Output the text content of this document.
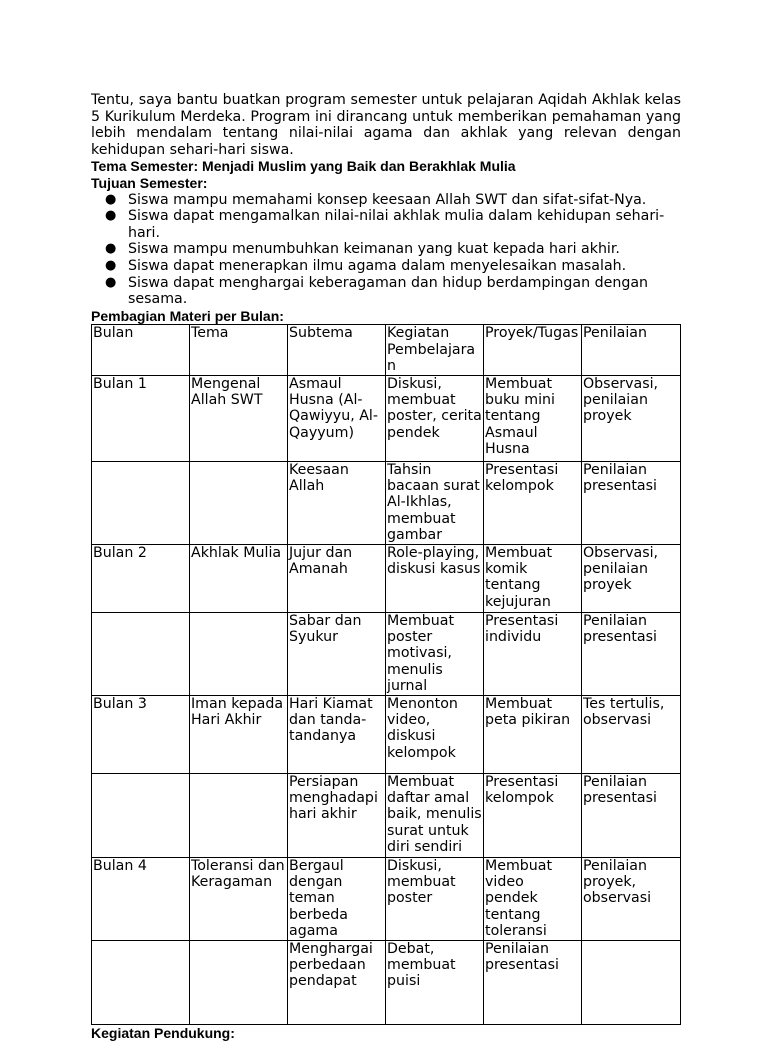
Tentu, saya bantu buatkan program semester untuk pelajaran Aqidah Akhlak kelas 5 Kurikulum Merdeka. Program ini dirancang untuk memberikan pemahaman yang lebih mendalam tentang nilai-nilai agama dan akhlak yang relevan dengan kehidupan sehari-hari siswa.

Tema Semester: Menjadi Muslim yang Baik dan Berakhlak Mulia
Tujuan Semester:
● Siswa mampu memahami konsep keesaan Allah SWT dan sifat-sifat-Nya.
● Siswa dapat mengamalkan nilai-nilai akhlak mulia dalam kehidupan sehari-hari.
● Siswa mampu menumbuhkan keimanan yang kuat kepada hari akhir.
● Siswa dapat menerapkan ilmu agama dalam menyelesaikan masalah.
● Siswa dapat menghargai keberagaman dan hidup berdampingan dengan sesama.
Pembagian Materi per Bulan:
Bulan	Tema	Subtema	Kegiatan Pembelajaran	Proyek/Tugas	Penilaian
Bulan 1	Mengenal Allah SWT	Asmaul Husna (Al-Qawiyyu, Al-Qayyum)	Diskusi, membuat poster, cerita pendek	Membuat buku mini tentang Asmaul Husna	Observasi, penilaian proyek
		Keesaan Allah	Tahsin bacaan surat Al-Ikhlas, membuat gambar	Presentasi kelompok	Penilaian presentasi
Bulan 2	Akhlak Mulia	Jujur dan Amanah	Role-playing, diskusi kasus	Membuat komik tentang kejujuran	Observasi, penilaian proyek
		Sabar dan Syukur	Membuat poster motivasi, menulis jurnal	Presentasi individu	Penilaian presentasi
Bulan 3	Iman kepada Hari Akhir	Hari Kiamat dan tanda-tandanya	Menonton video, diskusi kelompok	Membuat peta pikiran	Tes tertulis, observasi
		Persiapan menghadapi hari akhir	Membuat daftar amal baik, menulis surat untuk diri sendiri	Presentasi kelompok	Penilaian presentasi
Bulan 4	Toleransi dan Keragaman	Bergaul dengan teman berbeda agama	Diskusi, membuat poster	Membuat video pendek tentang toleransi	Penilaian proyek, observasi
		Menghargai perbedaan pendapat	Debat, membuat puisi	Penilaian presentasi	
Kegiatan Pendukung:
